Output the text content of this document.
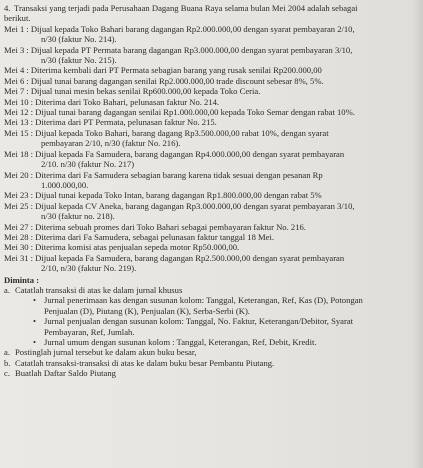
4. Transaksi yang terjadi pada Perusahaan Dagang Buana Raya selama bulan Mei 2004 adalah sebagai
berikut.
Mei 1 : Dijual kepada Toko Bahari barang dagangan Rp2.000.000,00 dengan syarat pembayaran 2/10,
n/30 (faktur No. 214).
Mei 3 : Dijual kepada PT Permata barang dagangan Rp3.000.000,00 dengan syarat pembayaran 3/10,
n/30 (faktur No. 215).
Mei 4 : Diterima kembali dari PT Permata sebagian barang yang rusak senilai Rp200.000,00
Mei 6 : Dijual tunai barang dagangan senilai Rp2.000.000,00 trade discount sebesar 8%, 5%.
Mei 7 : Dijual tunai mesin bekas senilai Rp600.000,00 kepada Toko Ceria.
Mei 10 : Diterima dari Toko Bahari, pelunasan faktur No. 214.
Mei 12 : Dijual tunai barang dagangan senilai Rp1.000.000,00 kepada Toko Semar dengan rabat 10%.
Mei 13 : Diterima dari PT Permata, pelunasan faktur No. 215.
Mei 15 : Dijual kepada Toko Bahari, barang dagang Rp3.500.000,00 rabat 10%, dengan syarat
pembayaran 2/10, n/30 (faktur No. 216).
Mei 18 : Dijual kepada Fa Samudera, barang dagangan Rp4.000.000,00 dengan syarat pembayaran
2/10. n/30 (faktur No. 217)
Mei 20 : Diterima dari Fa Samudera sebagian barang karena tidak sesuai dengan pesanan Rp
1.000.000,00.
Mei 23 : Dijual tunai kepada Toko Intan, barang dagangan Rp1.800.000,00 dengan rabat 5%
Mei 25 : Dijual kepada CV Aneka, barang dagangan Rp3.000.000,00 dengan syarat pembayaran 3/10,
n/30 (faktur no. 218).
Mei 27 : Diterima sebuah promes dari Toko Bahari sebagai pembayaran faktur No. 216.
Mei 28 : Diterima dari Fa Samudera, sebagai pelunasan faktur tanggal 18 Mei.
Mei 30 : Diterima komisi atas penjualan sepeda motor Rp50.000,00.
Mei 31 : Dijual kepada Fa Samudera, barang dagangan Rp2.500.000,00 dengan syarat pembayaran
2/10, n/30 (faktur No. 219).
Diminta :
a. Catatlah transaksi di atas ke dalam jurnal khusus
• Jurnal penerimaan kas dengan susunan kolom: Tanggal, Keterangan, Ref, Kas (D), Potongan
Penjualan (D), Piutang (K), Penjualan (K), Serba-Serbi (K).
• Jurnal penjualan dengan susunan kolom: Tanggal, No. Faktur, Keterangan/Debitor, Syarat
Pembayaran, Ref, Jumlah.
• Jurnal umum dengan susunan kolom : Tanggal, Keterangan, Ref, Debit, Kredit.
a. Postinglah jurnal tersebut ke dalam akun buku besar,
b. Catatlah transaksi-transaksi di atas ke dalam buku besar Pembantu Piutang.
c. Buatlah Daftar Saldo Piutang
